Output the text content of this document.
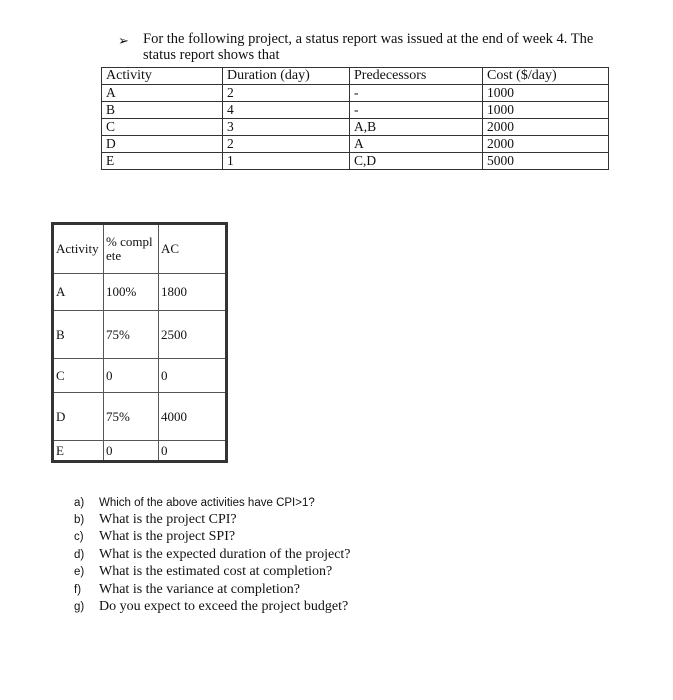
➢ For the following project, a status report was issued at the end of week 4. The status report shows that
Activity	Duration (day)	Predecessors	Cost ($/day)
A	2	-	1000
B	4	-	1000
C	3	A,B	2000
D	2	A	2000
E	1	C,D	5000
Activity	% complete	AC
A	100%	1800
B	75%	2500
C	0	0
D	75%	4000
E	0	0
a)	Which of the above activities have CPI>1?
b)	What is the project CPI?
c)	What is the project SPI?
d)	What is the expected duration of the project?
e)	What is the estimated cost at completion?
f)	What is the variance at completion?
g)	Do you expect to exceed the project budget?
